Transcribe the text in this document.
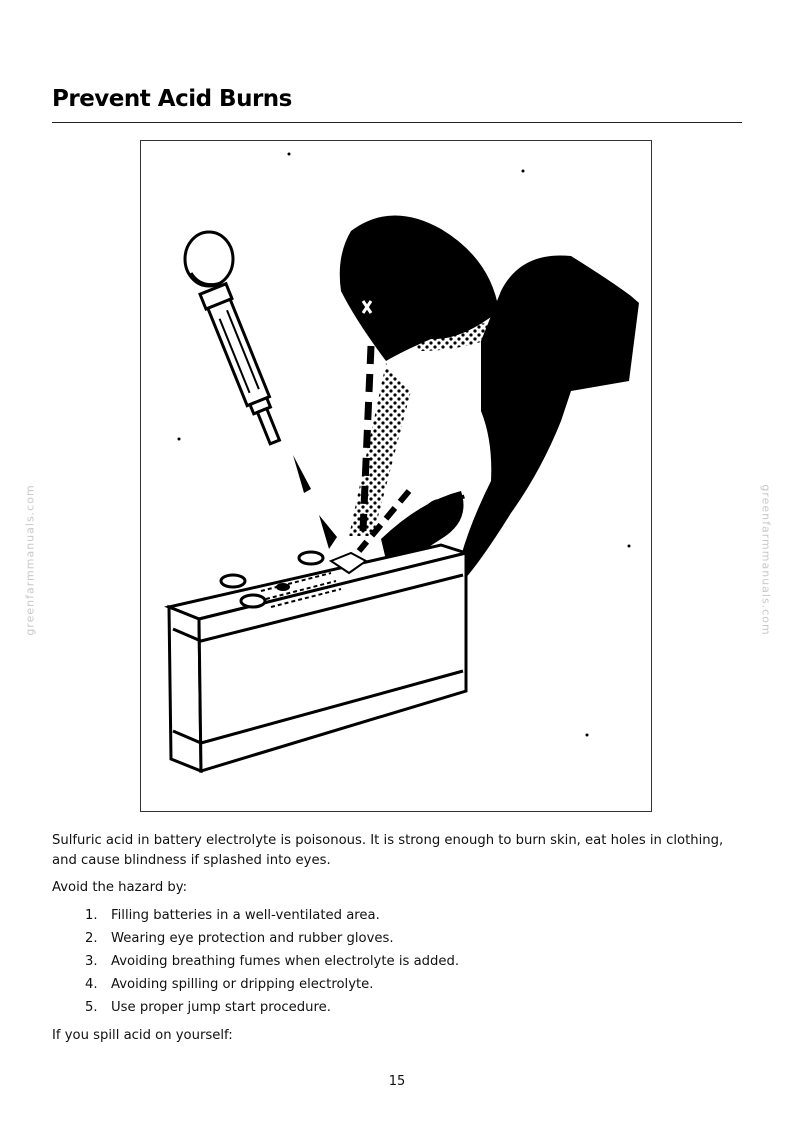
Prevent Acid Burns
greenfarmmanuals.com	greenfarmmanuals.com

Sulfuric acid in battery electrolyte is poisonous. It is strong enough to burn skin, eat holes in clothing, and cause blindness if splashed into eyes.

Avoid the hazard by:

1.	Filling batteries in a well-ventilated area.
2.	Wearing eye protection and rubber gloves.
3.	Avoiding breathing fumes when electrolyte is added.
4.	Avoiding spilling or dripping electrolyte.
5.	Use proper jump start procedure.

If you spill acid on yourself:

15
